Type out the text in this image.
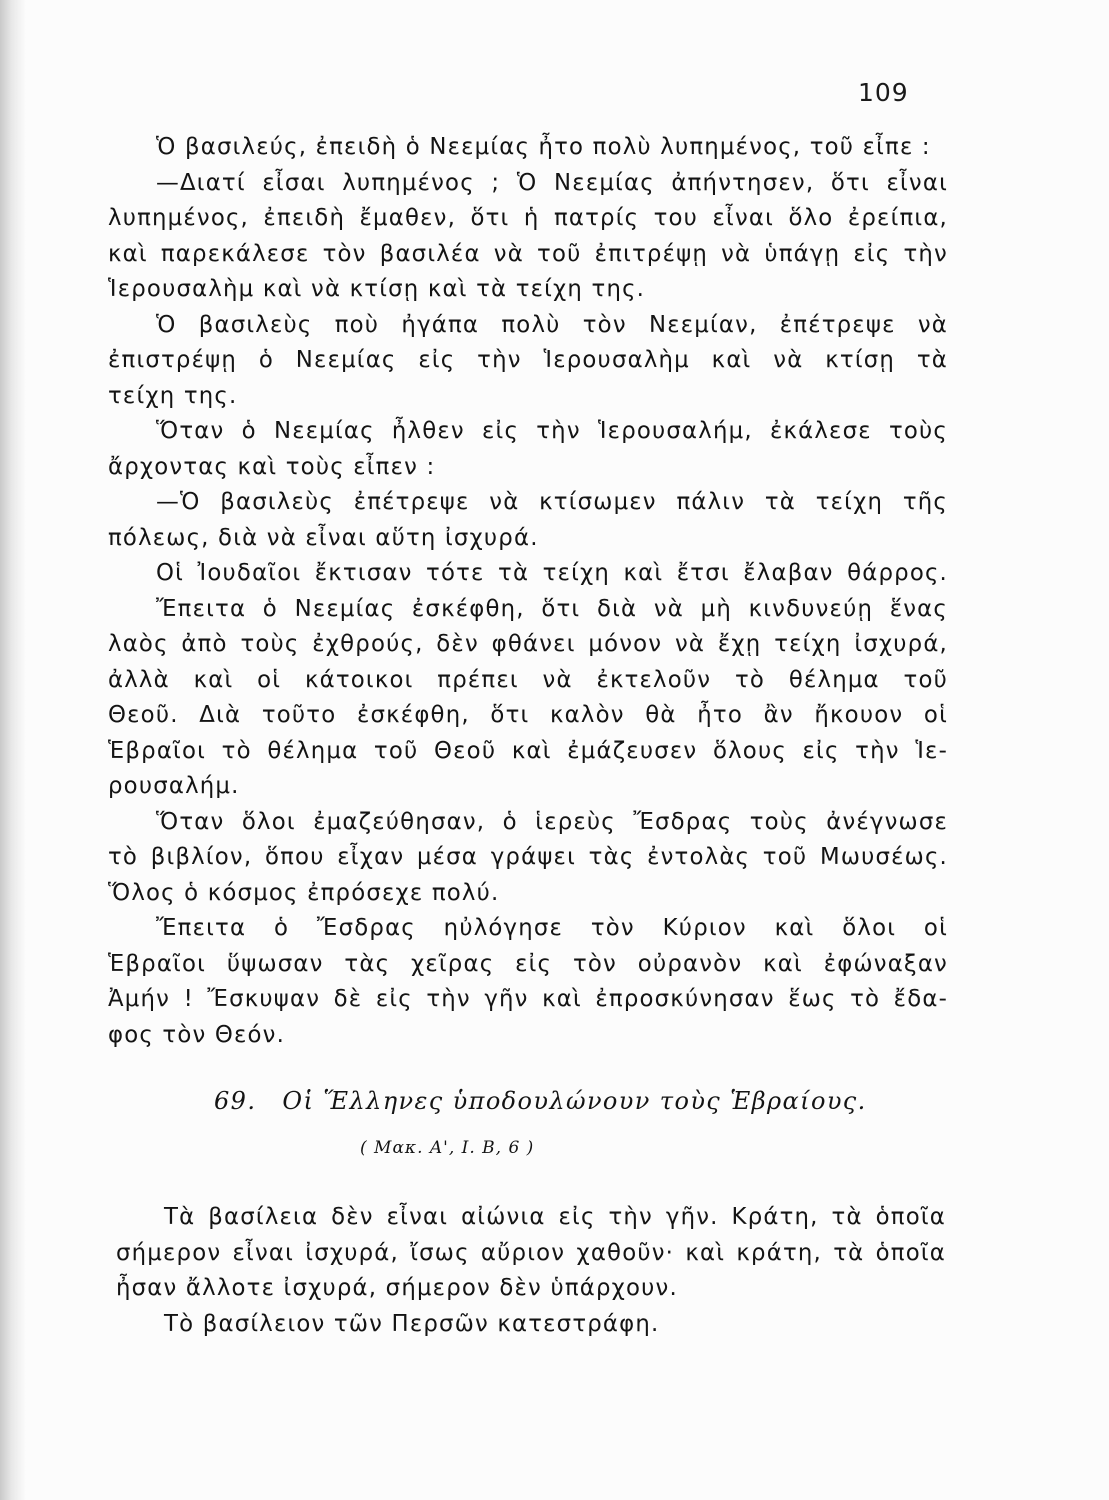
109
Ὁ βασιλεύς, ἐπειδὴ ὁ Νεεμίας ἦτο πολὺ λυπημένος, τοῦ εἶπε :
—Διατί εἶσαι λυπημένος ; Ὁ Νεεμίας ἀπήντησεν, ὅτι εἶναι
λυπημένος, ἐπειδὴ ἔμαθεν, ὅτι ἡ πατρίς του εἶναι ὅλο ἐρείπια,
καὶ παρεκάλεσε τὸν βασιλέα νὰ τοῦ ἐπιτρέψῃ νὰ ὑπάγῃ εἰς τὴν
Ἱερουσαλὴμ καὶ νὰ κτίσῃ καὶ τὰ τείχη της.
Ὁ βασιλεὺς ποὺ ἠγάπα πολὺ τὸν Νεεμίαν, ἐπέτρεψε νὰ
ἐπιστρέψῃ ὁ Νεεμίας εἰς τὴν Ἱερουσαλὴμ καὶ νὰ κτίσῃ τὰ
τείχη της.
Ὅταν ὁ Νεεμίας ἦλθεν εἰς τὴν Ἱερουσαλήμ, ἐκάλεσε τοὺς
ἄρχοντας καὶ τοὺς εἶπεν :
—Ὁ βασιλεὺς ἐπέτρεψε νὰ κτίσωμεν πάλιν τὰ τείχη τῆς
πόλεως, διὰ νὰ εἶναι αὕτη ἰσχυρά.
Οἱ Ἰουδαῖοι ἔκτισαν τότε τὰ τείχη καὶ ἔτσι ἔλαβαν θάρρος.
Ἔπειτα ὁ Νεεμίας ἐσκέφθη, ὅτι διὰ νὰ μὴ κινδυνεύῃ ἕνας
λαὸς ἀπὸ τοὺς ἐχθρούς, δὲν φθάνει μόνον νὰ ἔχῃ τείχη ἰσχυρά,
ἀλλὰ καὶ οἱ κάτοικοι πρέπει νὰ ἐκτελοῦν τὸ θέλημα τοῦ
Θεοῦ. Διὰ τοῦτο ἐσκέφθη, ὅτι καλὸν θὰ ἦτο ἂν ἤκουον οἱ
Ἑβραῖοι τὸ θέλημα τοῦ Θεοῦ καὶ ἐμάζευσεν ὅλους εἰς τὴν Ἱε-
ρουσαλήμ.
Ὅταν ὅλοι ἐμαζεύθησαν, ὁ ἱερεὺς Ἔσδρας τοὺς ἀνέγνωσε
τὸ βιβλίον, ὅπου εἶχαν μέσα γράψει τὰς ἐντολὰς τοῦ Μωυσέως.
Ὅλος ὁ κόσμος ἐπρόσεχε πολύ.
Ἔπειτα ὁ Ἔσδρας ηὐλόγησε τὸν Κύριον καὶ ὅλοι οἱ
Ἑβραῖοι ὕψωσαν τὰς χεῖρας εἰς τὸν οὐρανὸν καὶ ἐφώναξαν
Ἀμήν ! Ἔσκυψαν δὲ εἰς τὴν γῆν καὶ ἐπροσκύνησαν ἕως τὸ ἔδα-
φος τὸν Θεόν.
69. Οἱ Ἕλληνες ὑποδουλώνουν τοὺς Ἑβραίους.
( Μακ. Α', Ι. Β, 6 )
Τὰ βασίλεια δὲν εἶναι αἰώνια εἰς τὴν γῆν. Κράτη, τὰ ὁποῖα
σήμερον εἶναι ἰσχυρά, ἴσως αὔριον χαθοῦν· καὶ κράτη, τὰ ὁποῖα
ἦσαν ἄλλοτε ἰσχυρά, σήμερον δὲν ὑπάρχουν.
Τὸ βασίλειον τῶν Περσῶν κατεστράφη.
